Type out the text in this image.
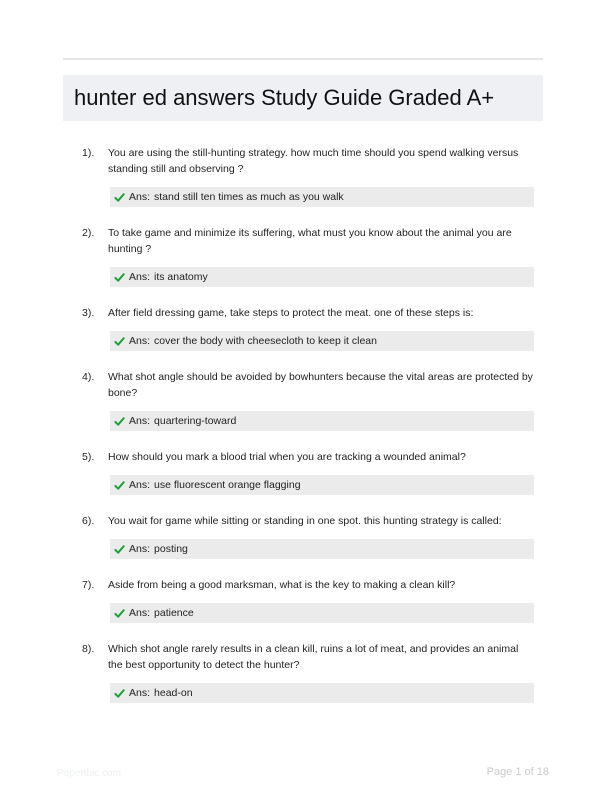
hunter ed answers Study Guide Graded A+
1).	You are using the still-hunting strategy. how much time should you spend walking versus standing still and observing ?
Ans: stand still ten times as much as you walk
2).	To take game and minimize its suffering, what must you know about the animal you are hunting ?
Ans: its anatomy
3).	After field dressing game, take steps to protect the meat. one of these steps is:
Ans: cover the body with cheesecloth to keep it clean
4).	What shot angle should be avoided by bowhunters because the vital areas are protected by bone?
Ans: quartering-toward
5).	How should you mark a blood trial when you are tracking a wounded animal?
Ans: use fluorescent orange flagging
6).	You wait for game while sitting or standing in one spot. this hunting strategy is called:
Ans: posting
7).	Aside from being a good marksman, what is the key to making a clean kill?
Ans: patience
8).	Which shot angle rarely results in a clean kill, ruins a lot of meat, and provides an animal the best opportunity to detect the hunter?
Ans: head-on
Papertbic.com	Page 1 of 18
